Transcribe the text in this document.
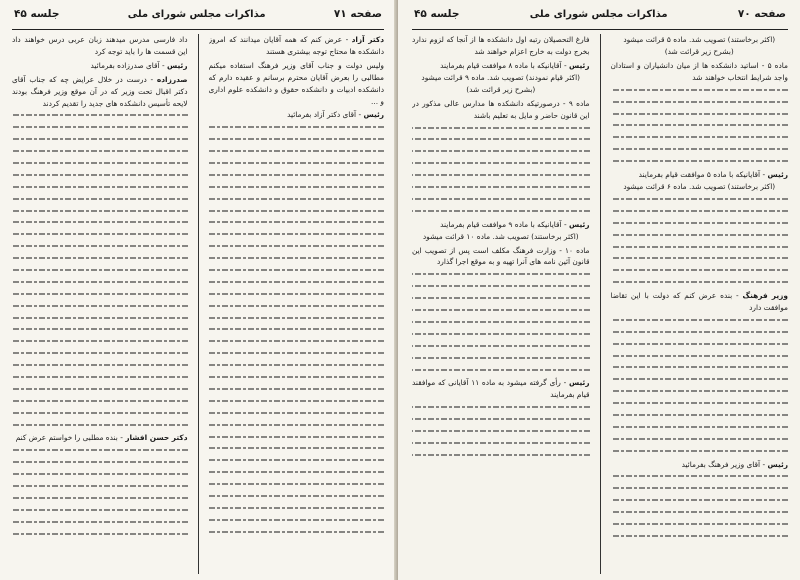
صفحه ۷۱
مذاکرات مجلس شورای ملی
جلسه ۴۵

دکتر آزاد - عرض کنم که همه آقایان میدانند که امروز دانشکده ها محتاج توجه بیشتری هستند

ولیس دولت و جناب آقای وزیر فرهنگ استفاده میکنم مطالبی را بعرض آقایان محترم برسانم و عقیده دارم که دانشکده ادبیات و دانشکده حقوق و دانشکده علوم اداری و ...

رئیس - آقای دکتر آزاد بفرمائید

داد فارسی مدرس میدهند زبان عربی درس خواهند داد این قسمت ها را باید توجه کرد

رئیس - آقای صدرزاده بفرمائید

صدرزاده - درست در خلال عرایض چه که جناب آقای دکتر اقبال تحت وزیر که در آن موقع وزیر فرهنگ بودند لایحه تأسیس دانشکده های جدید را تقدیم کردند

دکتر حسن افشار - بنده مطلبی را خواستم عرض کنم

صفحه ۷۰
مذاکرات مجلس شورای ملی
جلسه ۴۵

(اکثر برخاستند) تصویب شد. ماده ۵ قرائت میشود

(بشرح زیر قرائت شد)

ماده ۵ - اساتید دانشکده ها از میان دانشیاران و استادان واجد شرایط انتخاب خواهند شد

رئیس - آقایانیکه با ماده ۵ موافقت قیام بفرمایند

(اکثر برخاستند) تصویب شد. ماده ۶ قرائت میشود

وزیر فرهنگ - بنده عرض کنم که دولت با این تقاضا موافقت دارد

رئیس - آقای وزیر فرهنگ بفرمائید

فارغ التحصیلان رتبه اول دانشکده ها از آنجا که لزوم ندارد بخرج دولت به خارج اعزام خواهند شد

رئیس - آقایانیکه با ماده ۸ موافقت قیام بفرمایند

(اکثر قیام نمودند) تصویب شد. ماده ۹ قرائت میشود

(بشرح زیر قرائت شد)

ماده ۹ - درصورتیکه دانشکده ها مدارس عالی مذکور در این قانون حاضر و مایل به تعلیم باشند

رئیس - آقایانیکه با ماده ۹ موافقت قیام بفرمایند

(اکثر برخاستند) تصویب شد. ماده ۱۰ قرائت میشود

ماده ۱۰ - وزارت فرهنگ مکلف است پس از تصویب این قانون آئین نامه های آنرا تهیه و به موقع اجرا گذارد

رئیس - رأی گرفته میشود به ماده ۱۱ آقایانی که موافقند قیام بفرمایند
